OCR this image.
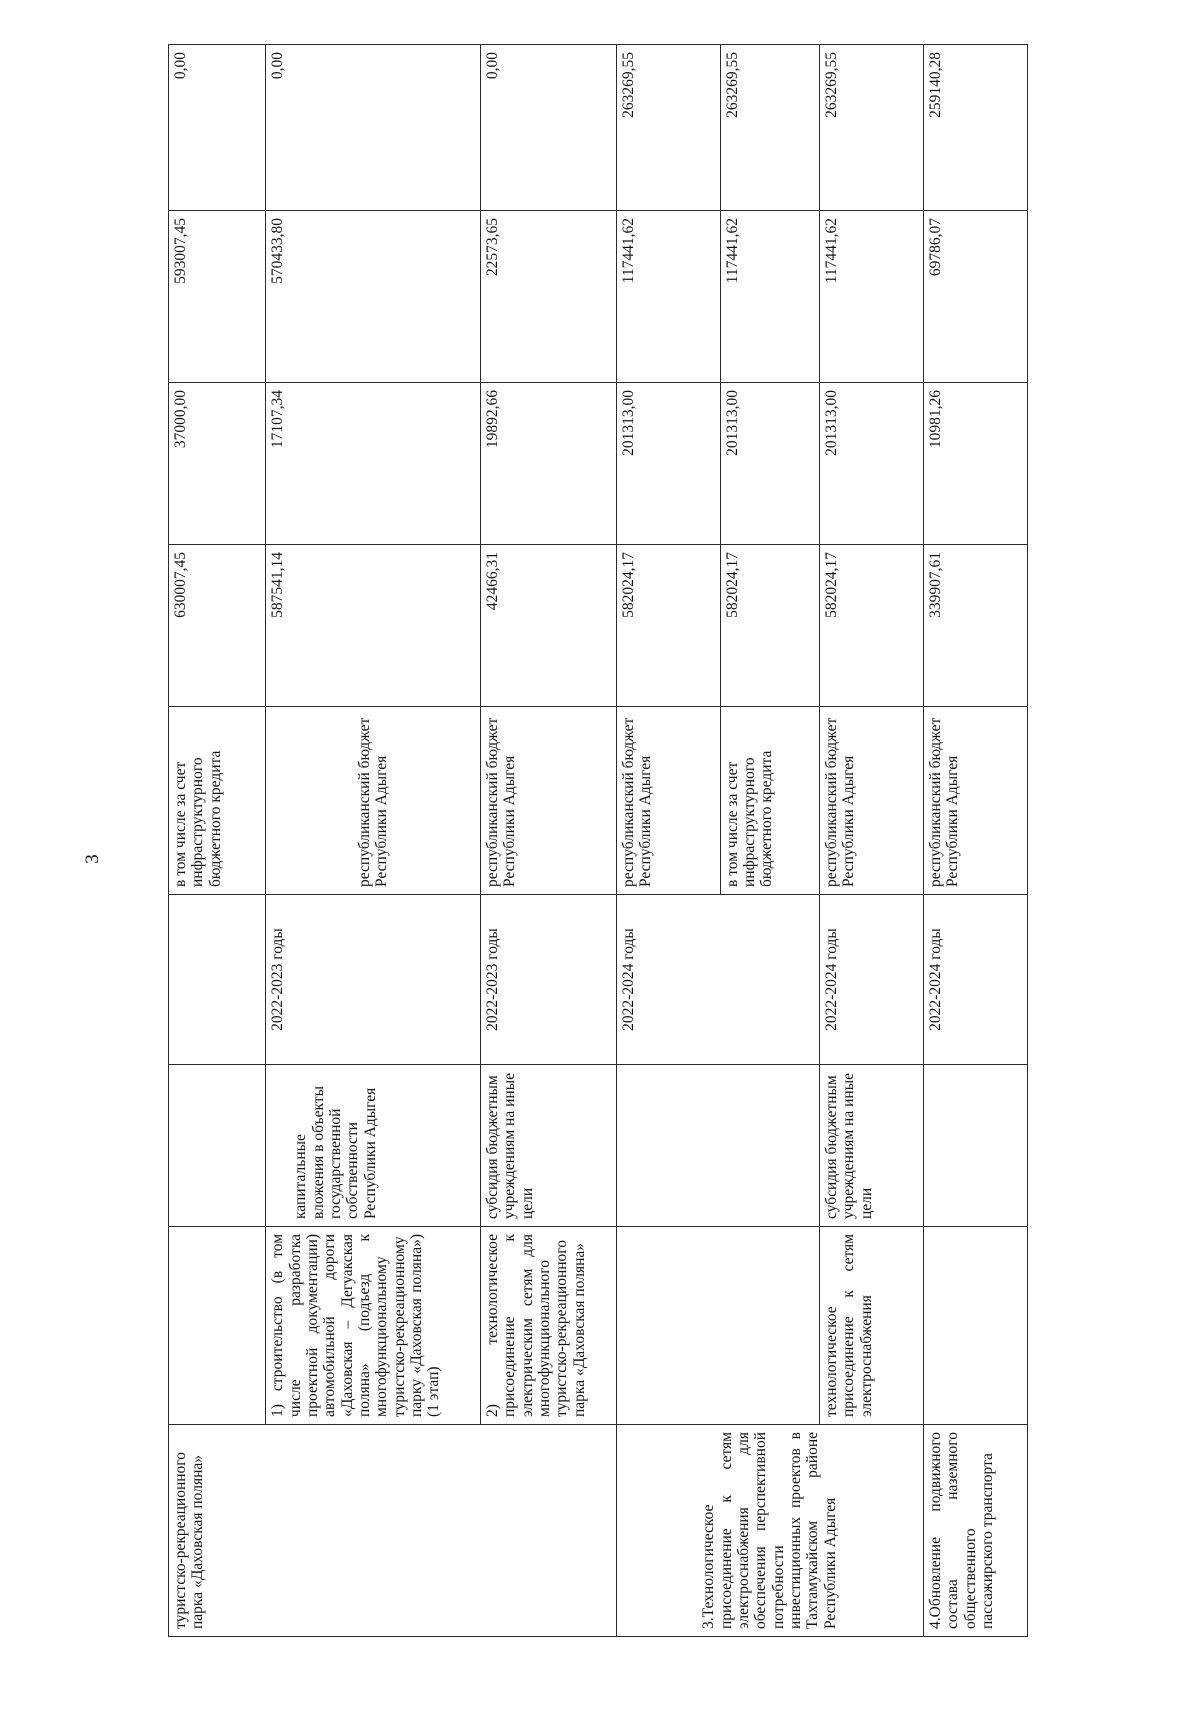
3
туристско-рекреационного парка «Даховская поляна»				в том числе за счет инфраструктурного бюджетного кредита	630007,45	37000,00	593007,45	0,00
	1) строительство (в том числе разработка проектной документации) автомобильной дороги «Даховская – Дегуакская поляна» (подъезд к многофункциональному туристско-рекреационному парку «Даховская поляна») (1 этап)	капитальные вложения в объекты государственной собственности Республики Адыгея	2022-2023 годы	республиканский бюджет Республики Адыгея	587541,14	17107,34	570433,80	0,00
	2) технологическое присоединение к электрическим сетям для многофункционального туристско-рекреационного парка «Даховская поляна»	субсидия бюджетным учреждениям на иные цели	2022-2023 годы	республиканский бюджет Республики Адыгея	42466,31	19892,66	22573,65	0,00
3.Технологическое присоединение к сетям электроснабжения для обеспечения перспективной потребности инвестиционных проектов в Тахтамукайском районе Республики Адыгея			2022-2024 годы	республиканский бюджет Республики Адыгея	582024,17	201313,00	117441,62	263269,55
				в том числе за счет инфраструктурного бюджетного кредита	582024,17	201313,00	117441,62	263269,55
	технологическое присоединение к сетям электроснабжения	субсидия бюджетным учреждениям на иные цели	2022-2024 годы	республиканский бюджет Республики Адыгея	582024,17	201313,00	117441,62	263269,55
4.Обновление подвижного состава наземного общественного пассажирского транспорта			2022-2024 годы	республиканский бюджет Республики Адыгея	339907,61	10981,26	69786,07	259140,28
